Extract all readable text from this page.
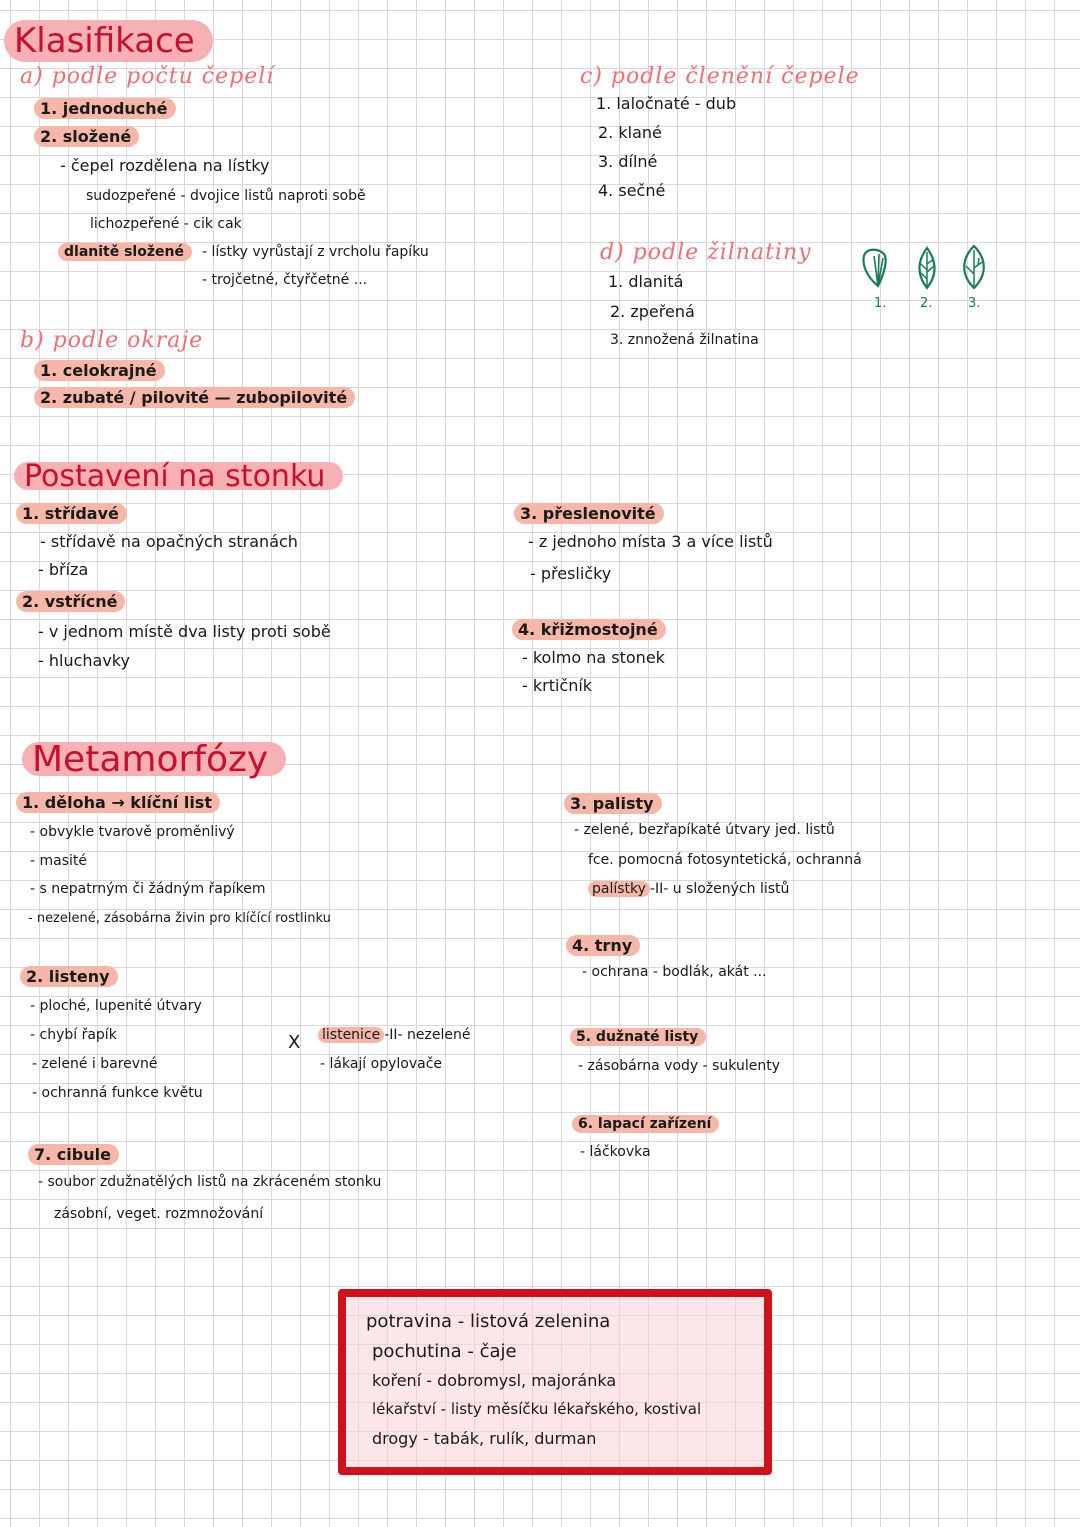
Klasifikace
a) podle počtu čepelí
1. jednoduché
2. složené
- čepel rozdělena na lístky
sudozpeřené - dvojice listů naproti sobě
lichozpeřené - cik cak
dlanitě složené	- lístky vyrůstají z vrcholu řapíku
- trojčetné, čtyřčetné ...
b) podle okraje
1. celokrajné
2. zubaté / pilovité — zubopilovité
c) podle členění čepele
1. laločnaté - dub
2. klané
3. dílné
4. sečné
d) podle žilnatiny
1. dlanitá
2. zpeřená
3. znnožená žilnatina
1.	2.	3.
Postavení na stonku
1. střídavé
- střídavě na opačných stranách
- bříza
2. vstřícné
- v jednom místě dva listy proti sobě
- hluchavky
3. přeslenovité
- z jednoho místa 3 a více listů
- přesličky
4. křižmostojné
- kolmo na stonek
- krtičník
Metamorfózy
1. děloha → klíční list
- obvykle tvarově proměnlivý
- masité
- s nepatrným či žádným řapíkem
- nezelené, zásobárna živin pro klíčící rostlinku
2. listeny
- ploché, lupenité útvary
- chybí řapík
- zelené i barevné
- ochranná funkce květu
X listenice -II- nezelené
- lákají opylovače
7. cibule
- soubor zdužnatělých listů na zkráceném stonku
zásobní, veget. rozmnožování
3. palisty
- zelené, bezřapíkaté útvary jed. listů
fce. pomocná fotosyntetická, ochranná
palístky -II- u složených listů
4. trny
- ochrana - bodlák, akát ...
5. dužnaté listy
- zásobárna vody - sukulenty
6. lapací zařízení
- láčkovka
potravina - listová zelenina
pochutina - čaje
koření - dobromysl, majoránka
lékařství - listy měsíčku lékařského, kostival
drogy - tabák, rulík, durman
